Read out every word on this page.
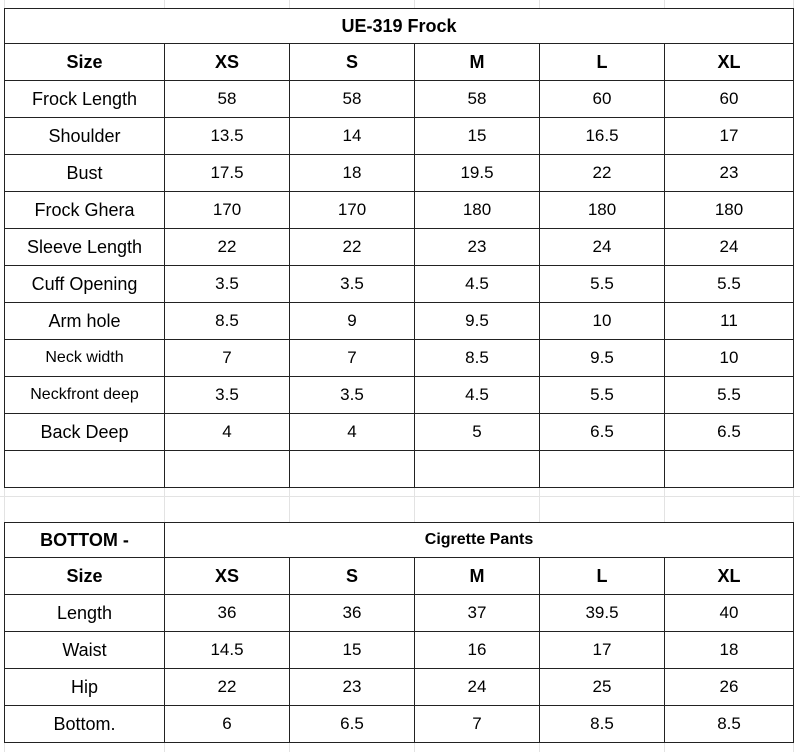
UE-319 Frock					
Size	XS	S	M	L	XL
Frock Length	58	58	58	60	60
Shoulder	13.5	14	15	16.5	17
Bust	17.5	18	19.5	22	23
Frock Ghera	170	170	180	180	180
Sleeve Length	22	22	23	24	24
Cuff Opening	3.5	3.5	4.5	5.5	5.5
Arm hole	8.5	9	9.5	10	11
Neck width	7	7	8.5	9.5	10
Neckfront deep	3.5	3.5	4.5	5.5	5.5
Back Deep	4	4	5	6.5	6.5

BOTTOM -	Cigrette Pants				
Size	XS	S	M	L	XL
Length	36	36	37	39.5	40
Waist	14.5	15	16	17	18
Hip	22	23	24	25	26
Bottom.	6	6.5	7	8.5	8.5
